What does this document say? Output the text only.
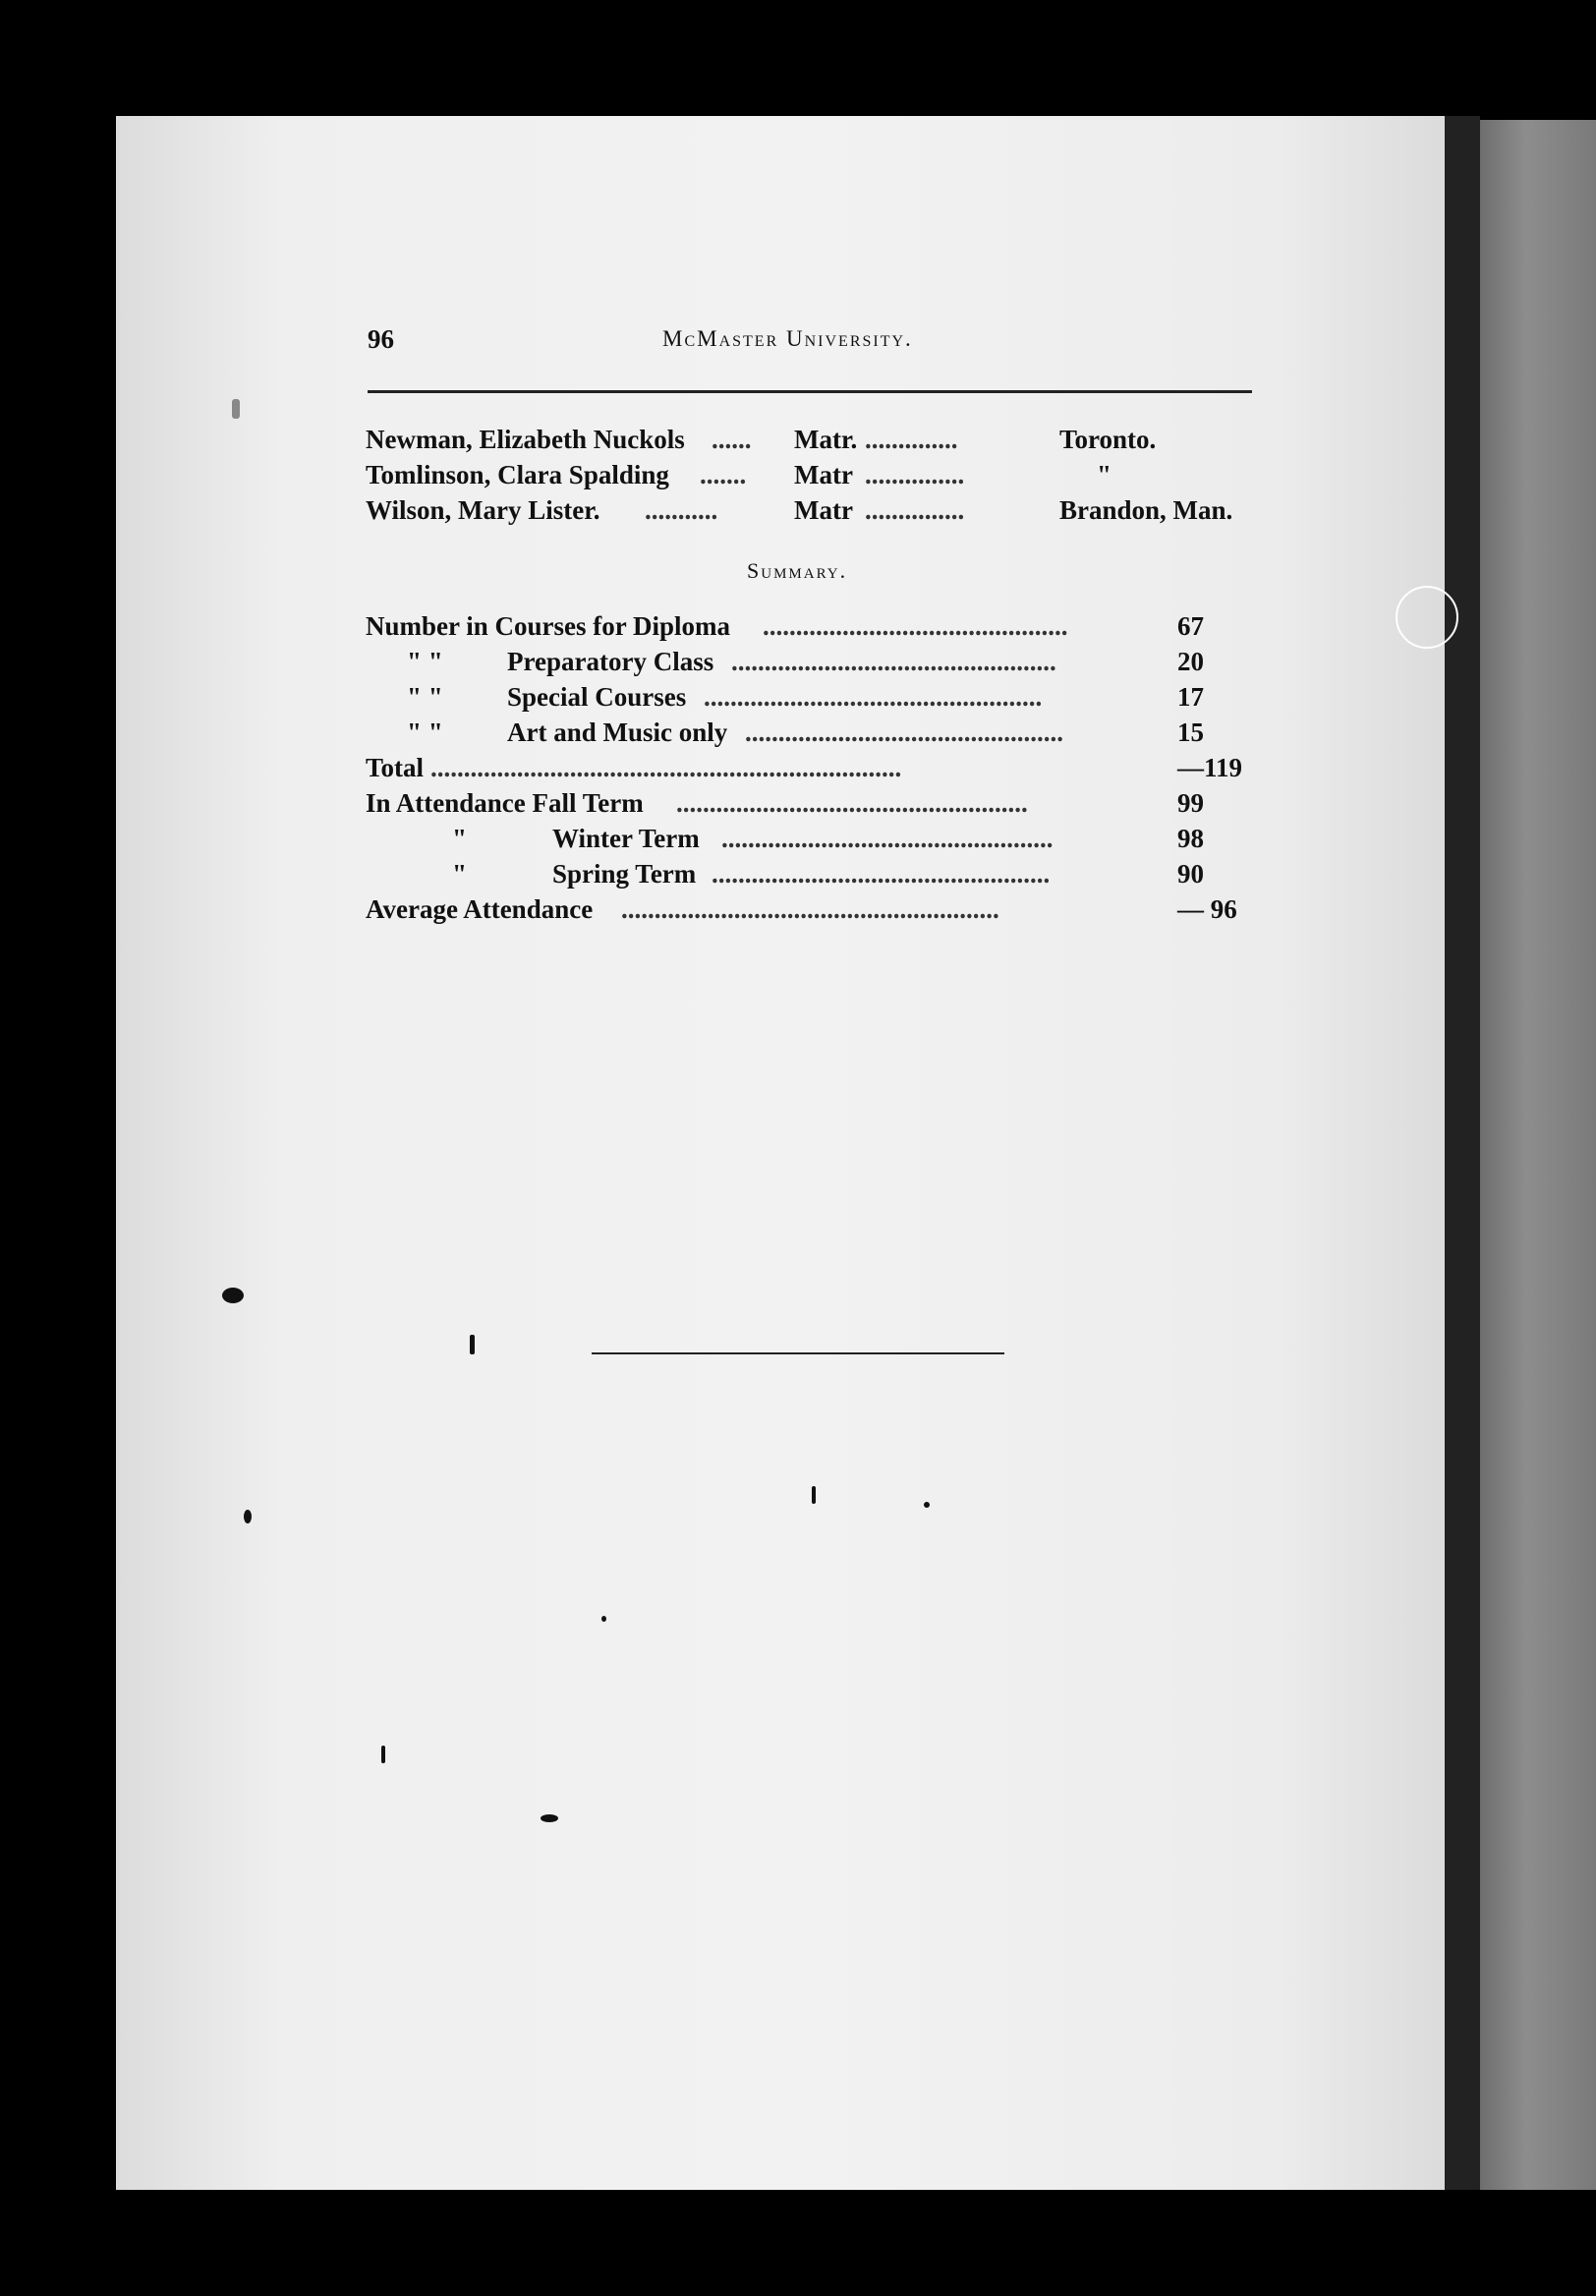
96	McMaster University.
Newman, Elizabeth Nuckols ...... Matr. ..............	Toronto.
Tomlinson, Clara Spalding ....... Matr ...............	"
Wilson, Mary Lister. ...........	Matr ...............	Brandon, Man.
Summary.
Number in Courses for Diploma ..............................................	67
" " Preparatory Class .................................................	20
" " Special Courses ...................................................	17
" " Art and Music only ................................................	15
Total .......................................................................	—119
In Attendance Fall Term .....................................................	99
"	Winter Term ..................................................	98
"	Spring Term ...................................................	90
Average Attendance .........................................................	— 96
